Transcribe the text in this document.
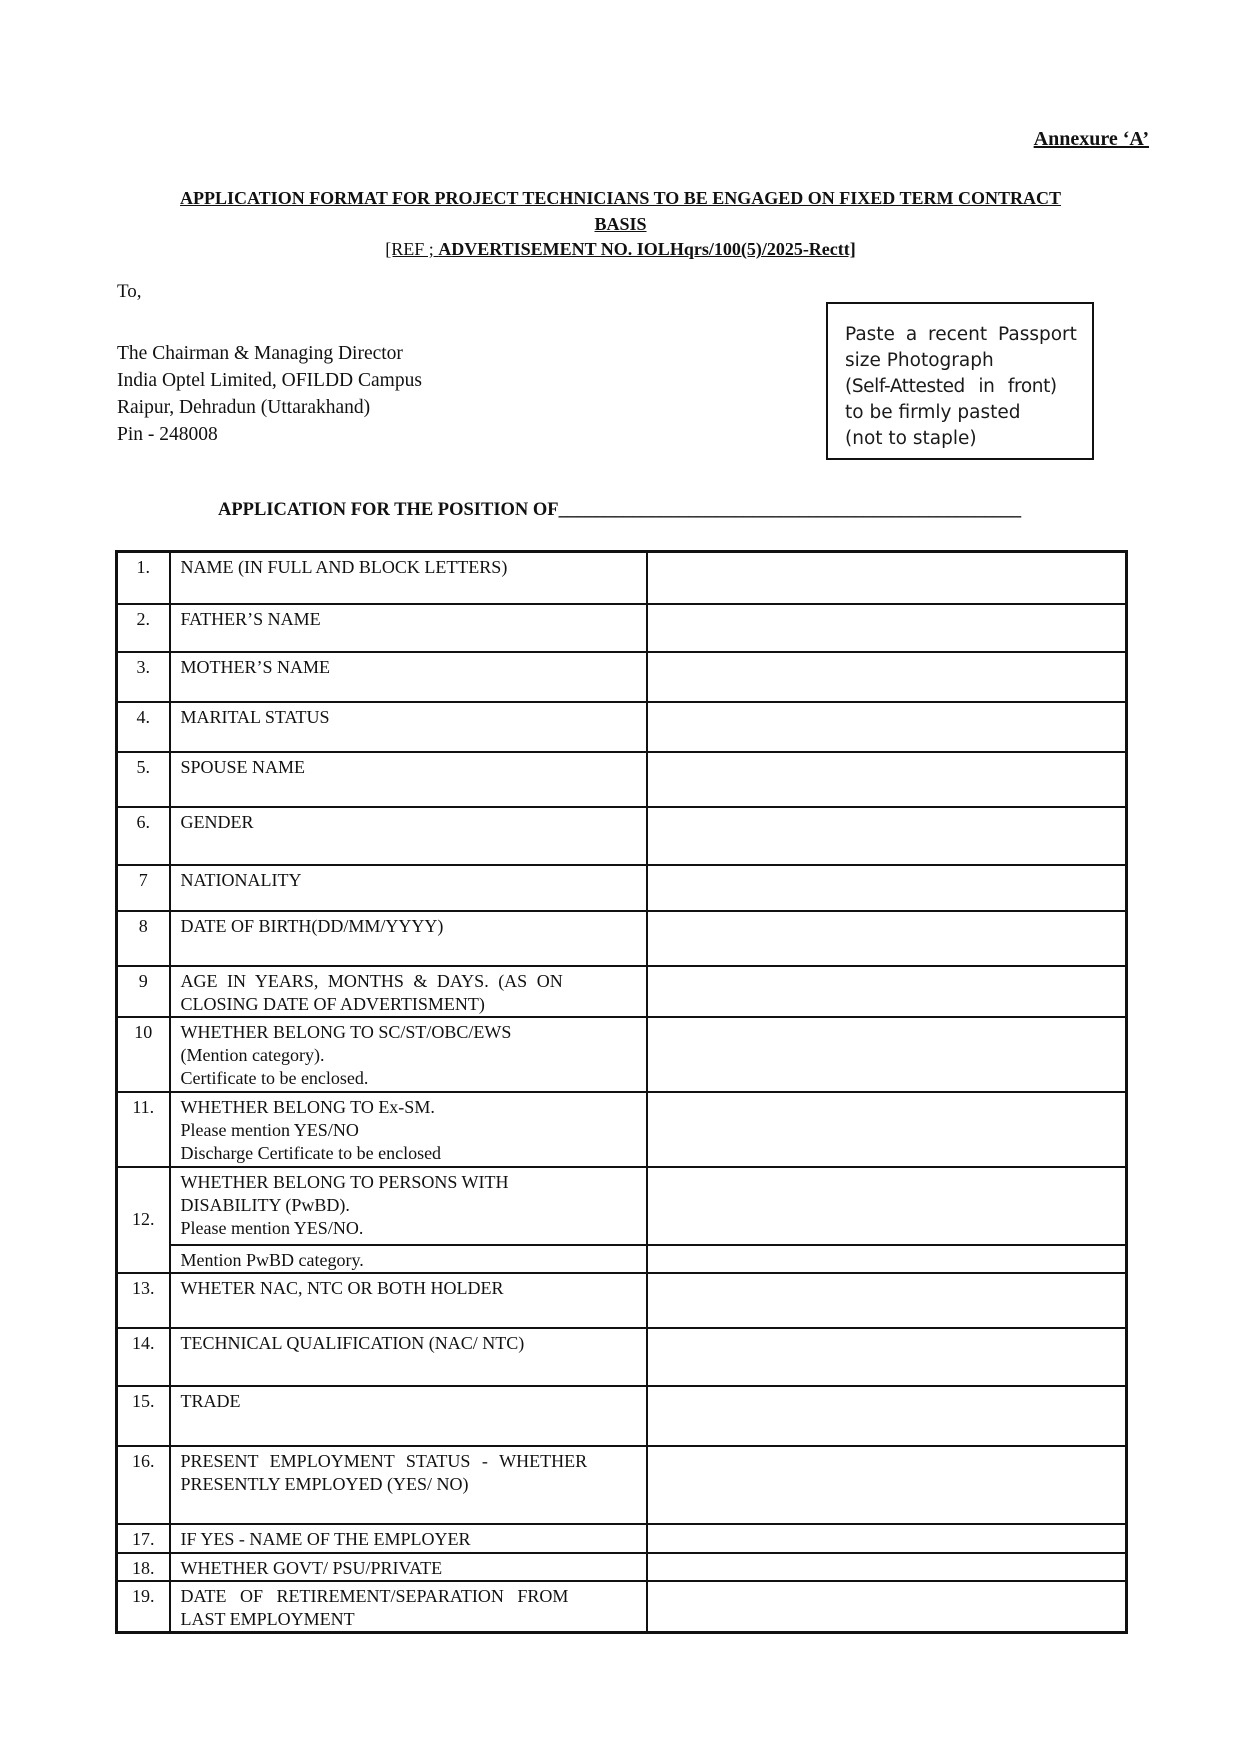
Annexure ‘A’
APPLICATION FORMAT FOR PROJECT TECHNICIANS TO BE ENGAGED ON FIXED TERM CONTRACT
BASIS
[REF ; ADVERTISEMENT NO. IOLHqrs/100(5)/2025-Rectt]
To,
The Chairman & Managing Director
India Optel Limited, OFILDD Campus
Raipur, Dehradun (Uttarakhand)
Pin - 248008
Paste a recent Passport
size Photograph
(Self-Attested in front)
to be firmly pasted
(not to staple)
APPLICATION FOR THE POSITION OF__________________________________________________
1.	NAME (IN FULL AND BLOCK LETTERS)	

2.	FATHER’S NAME	

3.	MOTHER’S NAME	

4.	MARITAL STATUS	

5.	SPOUSE NAME	

6.	GENDER	

7	NATIONALITY	

8	DATE OF BIRTH(DD/MM/YYYY)	

9	AGE IN YEARS, MONTHS & DAYS. (AS ON
CLOSING DATE OF ADVERTISMENT)	

10	WHETHER BELONG TO SC/ST/OBC/EWS
(Mention category).
Certificate to be enclosed.	

11.	WHETHER BELONG TO Ex-SM.
Please mention YES/NO
Discharge Certificate to be enclosed	

12.	WHETHER BELONG TO PERSONS WITH
DISABILITY (PwBD).
Please mention YES/NO.	

	Mention PwBD category.	

13.	WHETER NAC, NTC OR BOTH HOLDER	

14.	TECHNICAL QUALIFICATION (NAC/ NTC)	

15.	TRADE	

16.	PRESENT EMPLOYMENT STATUS - WHETHER
PRESENTLY EMPLOYED (YES/ NO)	

17.	IF YES - NAME OF THE EMPLOYER	

18.	WHETHER GOVT/ PSU/PRIVATE	

19.	DATE OF RETIREMENT/SEPARATION FROM
LAST EMPLOYMENT	
